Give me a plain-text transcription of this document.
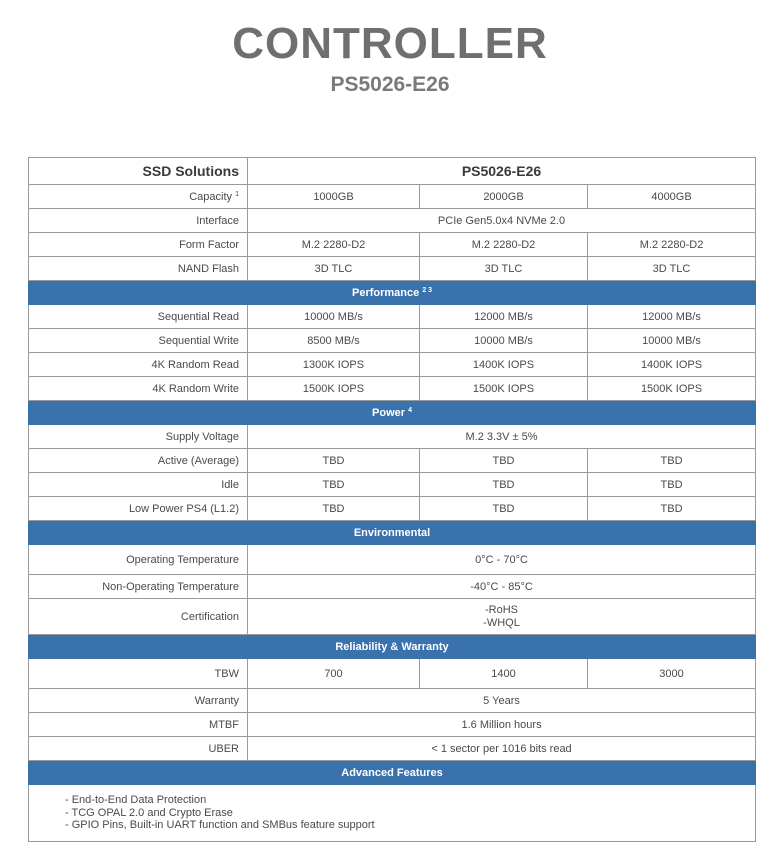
CONTROLLER
PS5026-E26
SSD Solutions	PS5026-E26		
Capacity $^1$	1000GB	2000GB	4000GB
Interface	PCIe Gen5.0x4 NVMe 2.0		
Form Factor	M.2 2280-D2	M.2 2280-D2	M.2 2280-D2
NAND Flash	3D TLC	3D TLC	3D TLC
Performance $^{2 3}$
Sequential Read	10000 MB/s	12000 MB/s	12000 MB/s
Sequential Write	8500 MB/s	10000 MB/s	10000 MB/s
4K Random Read	1300K IOPS	1400K IOPS	1400K IOPS
4K Random Write	1500K IOPS	1500K IOPS	1500K IOPS
Power $^4$
Supply Voltage	M.2 3.3V ± 5%		
Active (Average)	TBD	TBD	TBD
Idle	TBD	TBD	TBD
Low Power PS4 (L1.2)	TBD	TBD	TBD
Environmental			
Operating Temperature	0°C - 70°C		
Non-Operating Temperature	-40°C - 85°C		
Certification	-RoHS
-WHQL		

Reliability & Warranty			
TBW	700	1400	3000
Warranty	5 Years		
MTBF	1.6 Million hours		
UBER	< 1 sector per 1016 bits read		
Advanced Features			

- End-to-End Data Protection
- TCG OPAL 2.0 and Crypto Erase
- GPIO Pins, Built-in UART function and SMBus feature support			
